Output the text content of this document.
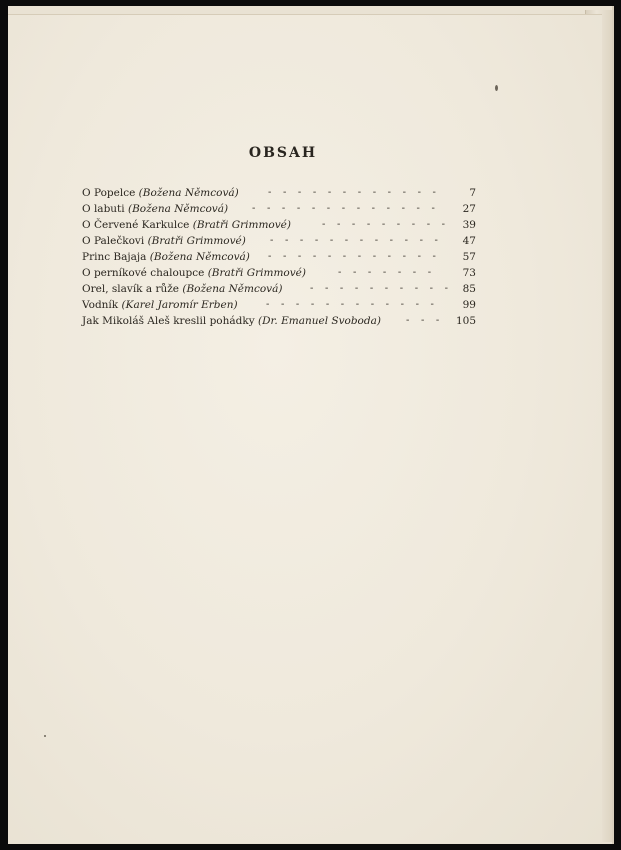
OBSAH
O Popelce (Božena Němcová)	- - - - - - - - - - - -	7
O labuti (Božena Němcová) - - - - - - - - - - - - - 27
O Červené Karkulce (Bratři Grimmové)	- - - - - - - - - 39
O Palečkovi (Bratři Grimmové) - - - - - - - - - - - - 47
Princ Bajaja (Božena Němcová) - - - - - - - - - - - - 57
O perníkové chaloupce (Bratři Grimmové)	- - - - - - -	73
Orel, slavík a růže (Božena Němcová)	- - - - - - - - - - 85
Vodník (Karel Jaromír Erben)	- - - - - - - - - - - - 99
Jak Mikoláš Aleš kreslil pohádky (Dr. Emanuel Svoboda)	- - - 105
